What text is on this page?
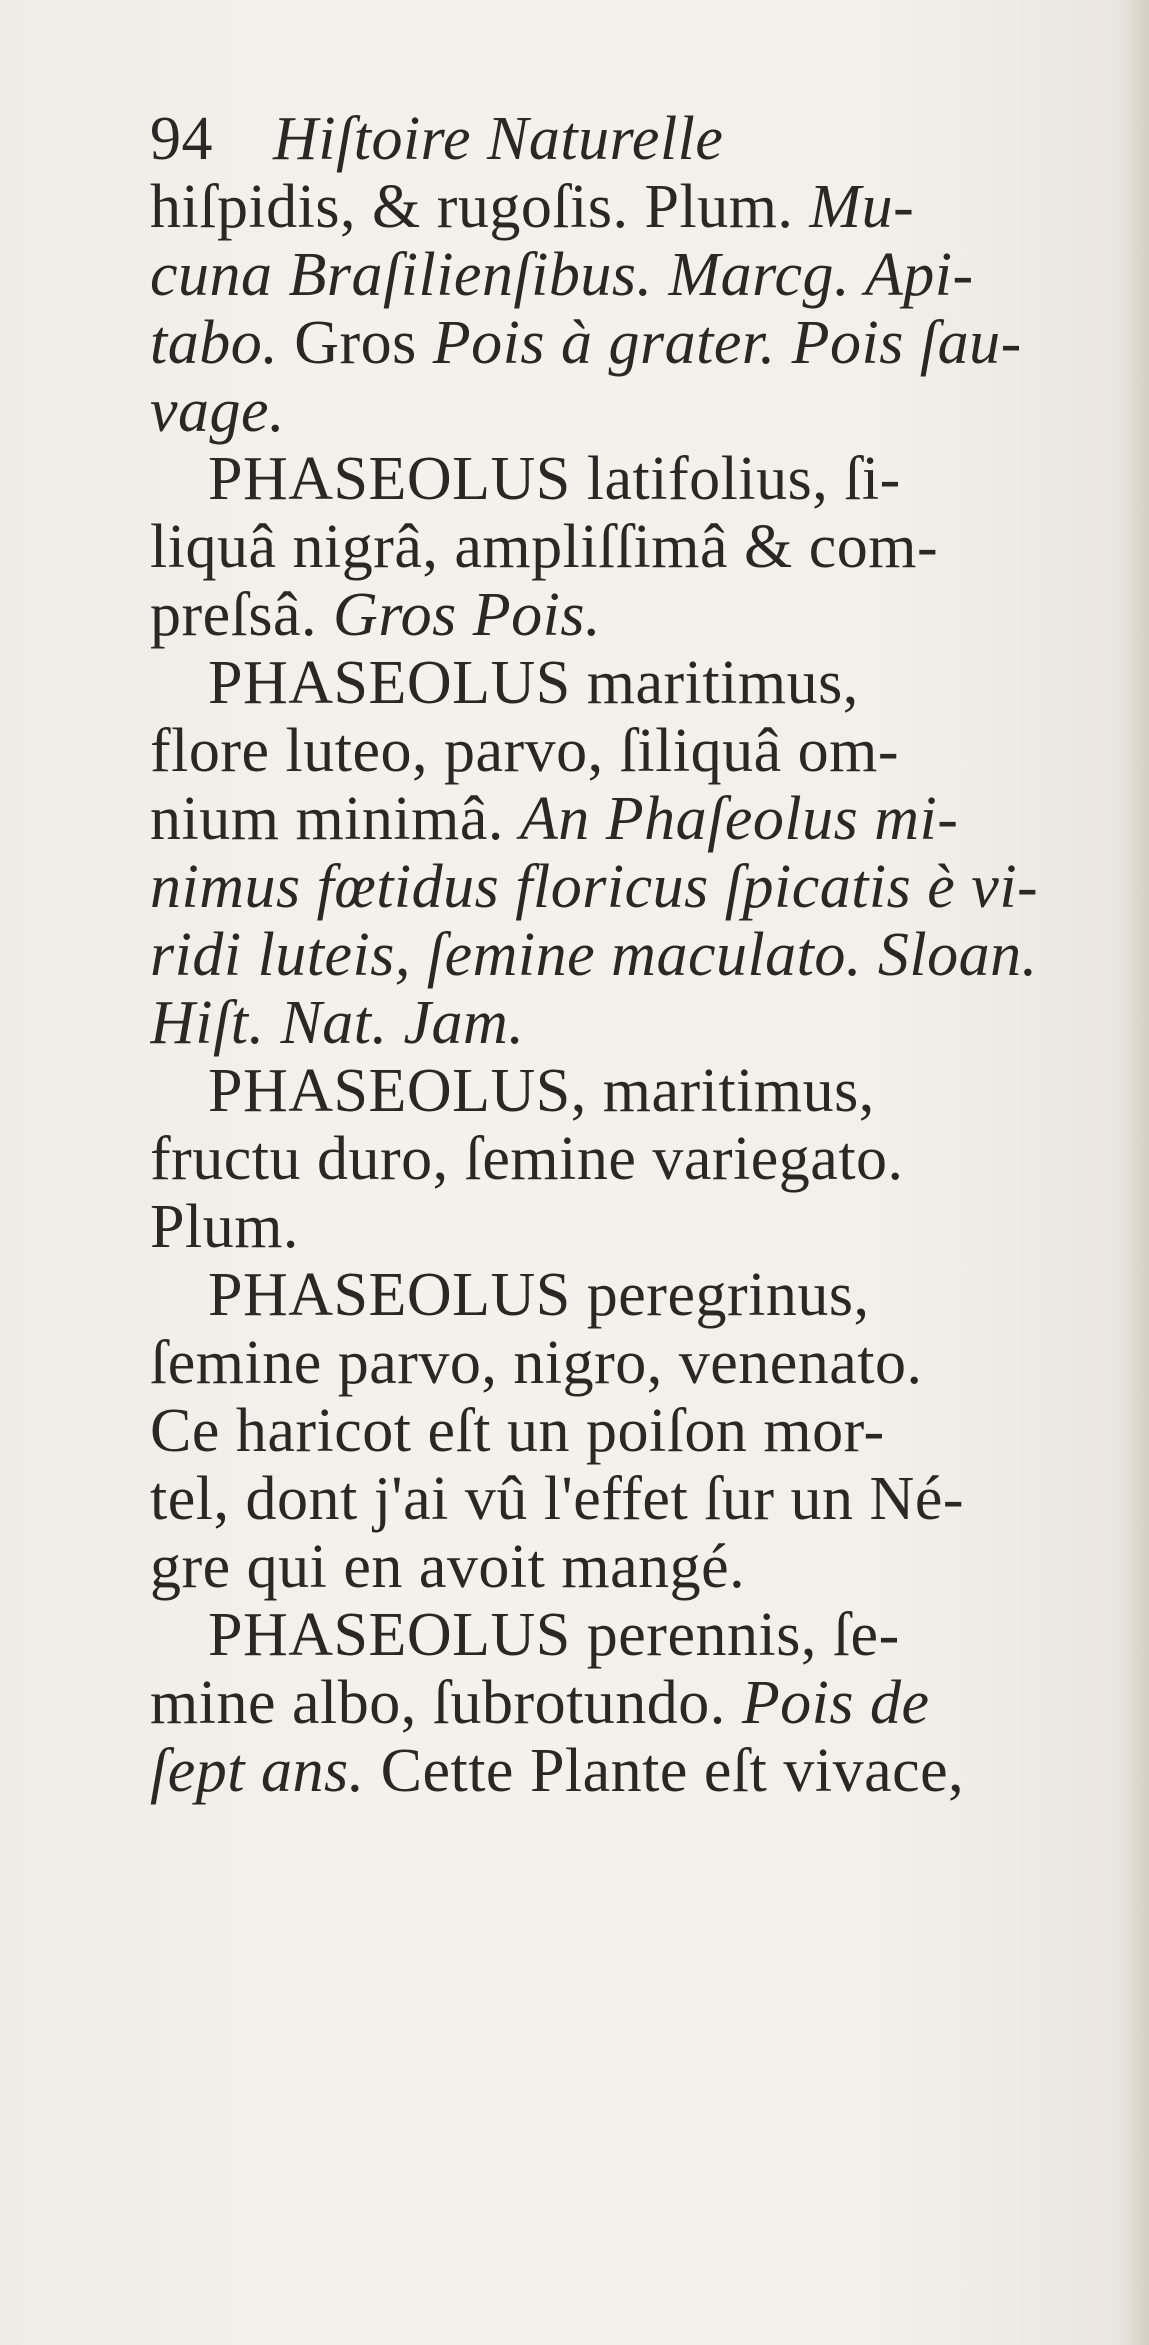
94 Hiſtoire Naturelle
hiſpidis, & rugoſis. Plum. Mu-
cuna Braſilienſibus. Marcg. Api-
tabo. Gros Pois à grater. Pois ſau-
vage.
PHASEOLUS latifolius, ſi-
liquâ nigrâ, ampliſſimâ & com-
preſsâ. Gros Pois.
PHASEOLUS maritimus,
flore luteo, parvo, ſiliquâ om-
nium minimâ. An Phaſeolus mi-
nimus fœtidus floricus ſpicatis è vi-
ridi luteis, ſemine maculato. Sloan.
Hiſt. Nat. Jam.
PHASEOLUS, maritimus,
fructu duro, ſemine variegato.
Plum.
PHASEOLUS peregrinus,
ſemine parvo, nigro, venenato.
Ce haricot eſt un poiſon mor-
tel, dont j'ai vû l'effet ſur un Né-
gre qui en avoit mangé.
PHASEOLUS perennis, ſe-
mine albo, ſubrotundo. Pois de
ſept ans. Cette Plante eſt vivace,
